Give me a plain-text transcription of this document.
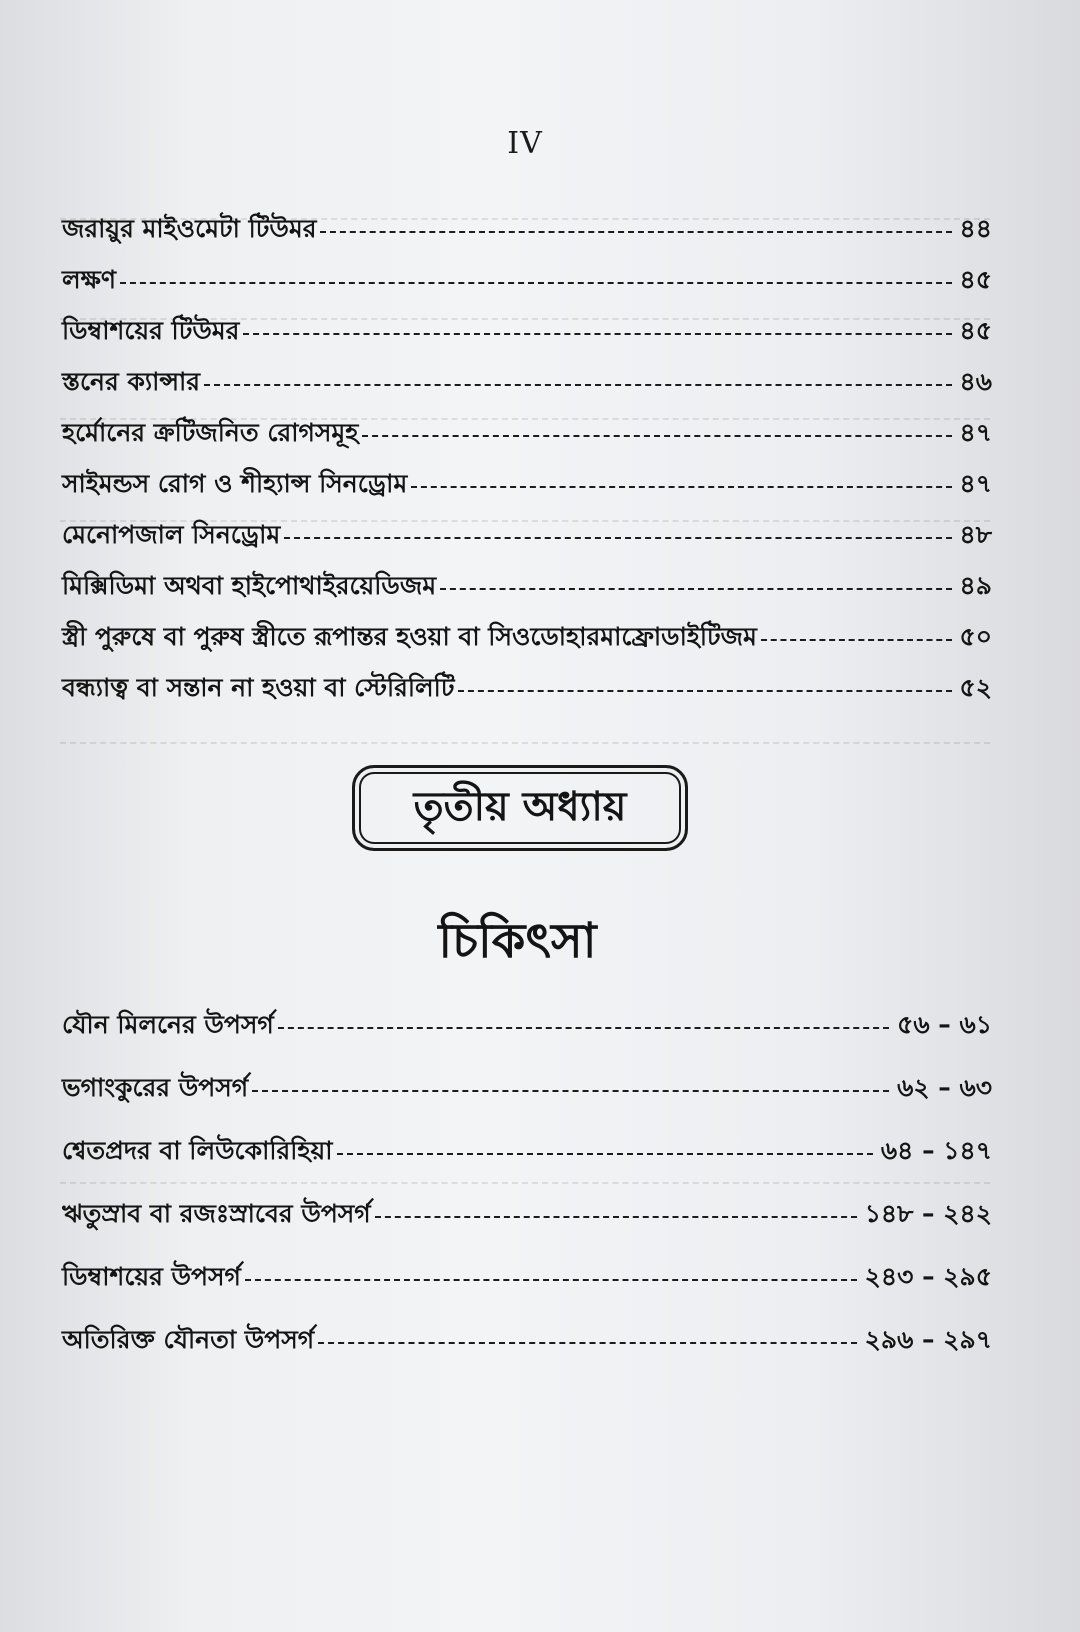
IV
জরায়ুর মাইওমেটা টিউমর	৪৪
লক্ষণ	৪৫
ডিম্বাশয়ের টিউমর	৪৫
স্তনের ক্যান্সার	৪৬
হর্মোনের ক্রটিজনিত রোগসমূহ	৪৭
সাইমন্ডস রোগ ও শীহ্যান্স সিনড্রোম	৪৭
মেনোপজাল সিনড্রোম	৪৮
মিক্সিডিমা অথবা হাইপোথাইরয়েডিজম	৪৯
স্ত্রী পুরুষে বা পুরুষ স্ত্রীতে রূপান্তর হওয়া বা সিওডোহারমাফ্রোডাইটিজম	৫০
বন্ধ্যাত্ব বা সন্তান না হওয়া বা স্টেরিলিটি	৫২
তৃতীয় অধ্যায়
চিকিৎসা
যৌন মিলনের উপসর্গ	৫৬ – ৬১
ভগাংকুরের উপসর্গ	৬২ – ৬৩
শ্বেতপ্রদর বা লিউকোরিহিয়া	৬৪ – ১৪৭
ঋতুস্রাব বা রজঃস্রাবের উপসর্গ	১৪৮ – ২৪২
ডিম্বাশয়ের উপসর্গ	২৪৩ – ২৯৫
অতিরিক্ত যৌনতা উপসর্গ	২৯৬ – ২৯৭
